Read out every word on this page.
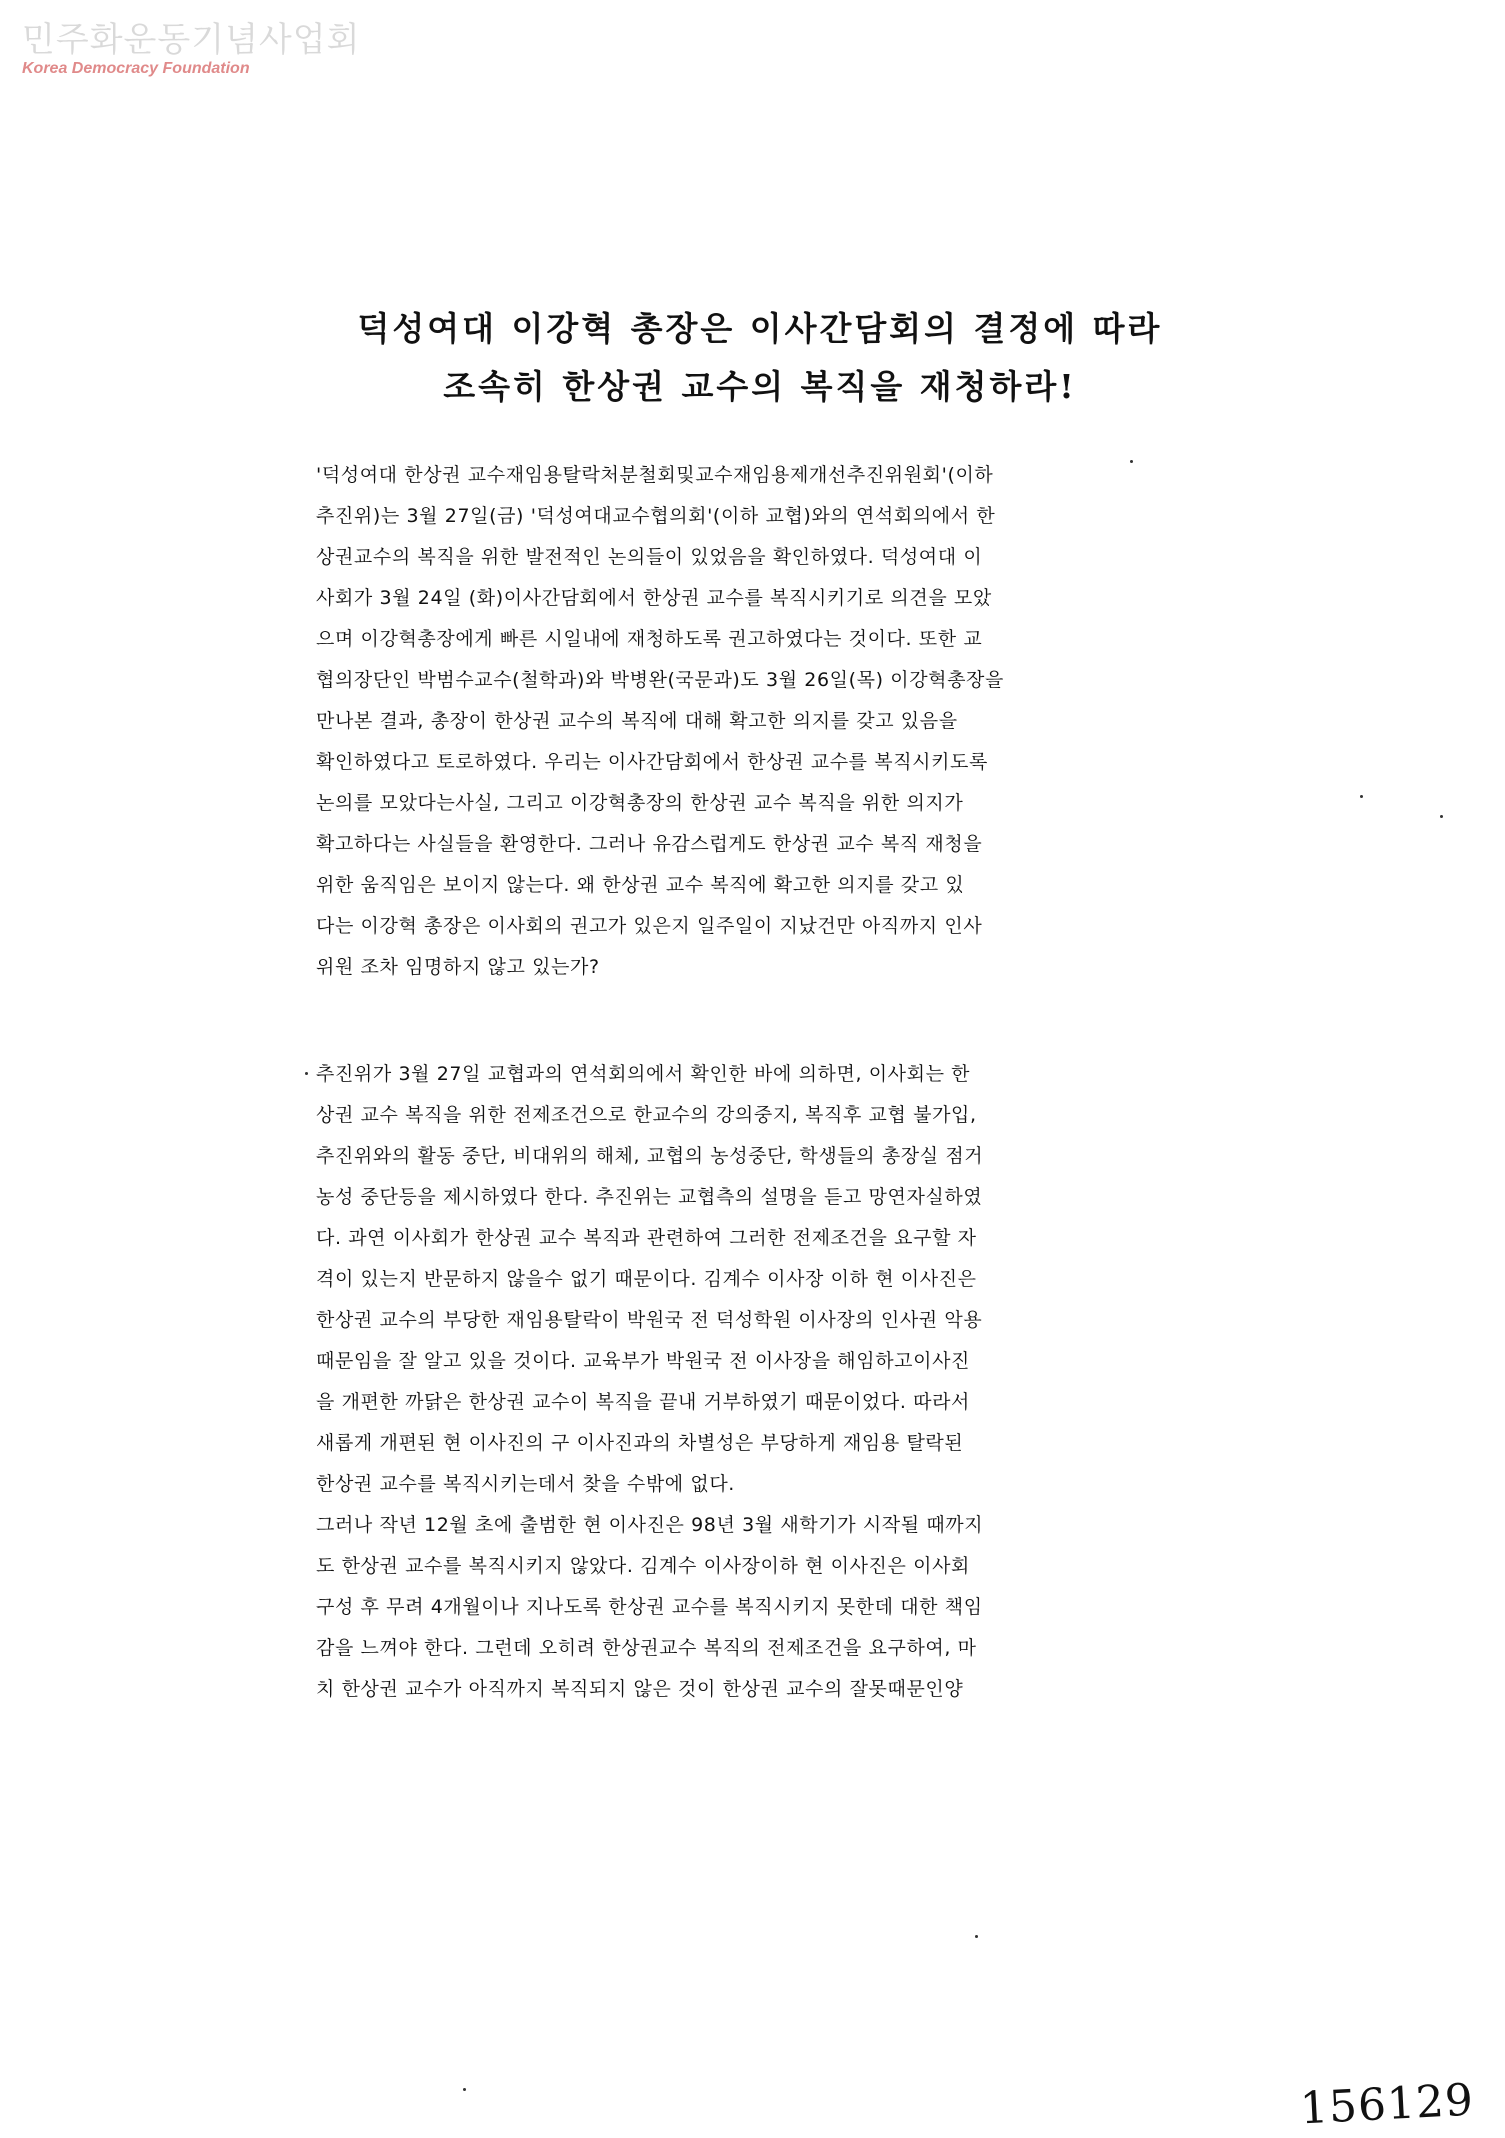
민주화운동기념사업회
Korea Democracy Foundation
덕성여대 이강혁 총장은 이사간담회의 결정에 따라
조속히 한상권 교수의 복직을 재청하라!
'덕성여대 한상권 교수재임용탈락처분철회및교수재임용제개선추진위원회'(이하
추진위)는 3월 27일(금) '덕성여대교수협의회'(이하 교협)와의 연석회의에서 한
상권교수의 복직을 위한 발전적인 논의들이 있었음을 확인하였다. 덕성여대 이
사회가 3월 24일 (화)이사간담회에서 한상권 교수를 복직시키기로 의견을 모았
으며 이강혁총장에게 빠른 시일내에 재청하도록 권고하였다는 것이다. 또한 교
협의장단인 박범수교수(철학과)와 박병완(국문과)도 3월 26일(목) 이강혁총장을
만나본 결과, 총장이 한상권 교수의 복직에 대해 확고한 의지를 갖고 있음을
확인하였다고 토로하였다. 우리는 이사간담회에서 한상권 교수를 복직시키도록
논의를 모았다는사실, 그리고 이강혁총장의 한상권 교수 복직을 위한 의지가
확고하다는 사실들을 환영한다. 그러나 유감스럽게도 한상권 교수 복직 재청을
위한 움직임은 보이지 않는다. 왜 한상권 교수 복직에 확고한 의지를 갖고 있
다는 이강혁 총장은 이사회의 권고가 있은지 일주일이 지났건만 아직까지 인사
위원 조차 임명하지 않고 있는가?
추진위가 3월 27일 교협과의 연석회의에서 확인한 바에 의하면, 이사회는 한
상권 교수 복직을 위한 전제조건으로 한교수의 강의중지, 복직후 교협 불가입,
추진위와의 활동 중단, 비대위의 해체, 교협의 농성중단, 학생들의 총장실 점거
농성 중단등을 제시하였다 한다. 추진위는 교협측의 설명을 듣고 망연자실하였
다. 과연 이사회가 한상권 교수 복직과 관련하여 그러한 전제조건을 요구할 자
격이 있는지 반문하지 않을수 없기 때문이다. 김계수 이사장 이하 현 이사진은
한상권 교수의 부당한 재임용탈락이 박원국 전 덕성학원 이사장의 인사권 악용
때문임을 잘 알고 있을 것이다. 교육부가 박원국 전 이사장을 해임하고이사진
을 개편한 까닭은 한상권 교수이 복직을 끝내 거부하였기 때문이었다. 따라서
새롭게 개편된 현 이사진의 구 이사진과의 차별성은 부당하게 재임용 탈락된
한상권 교수를 복직시키는데서 찾을 수밖에 없다.
그러나 작년 12월 초에 출범한 현 이사진은 98년 3월 새학기가 시작될 때까지
도 한상권 교수를 복직시키지 않았다. 김계수 이사장이하 현 이사진은 이사회
구성 후 무려 4개월이나 지나도록 한상권 교수를 복직시키지 못한데 대한 책임
감을 느껴야 한다. 그런데 오히려 한상권교수 복직의 전제조건을 요구하여, 마
치 한상권 교수가 아직까지 복직되지 않은 것이 한상권 교수의 잘못때문인양
156129
